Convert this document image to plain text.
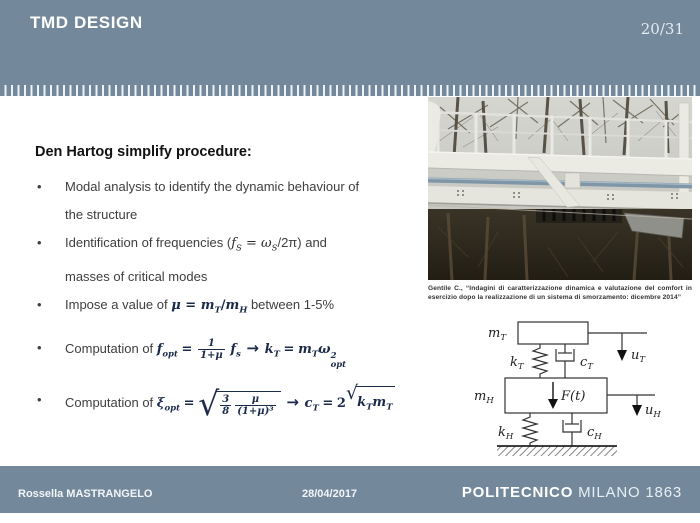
TMD DESIGN	20/31
Den Hartog simplify procedure:
• Modal analysis to identify the dynamic behaviour of the structure
• Identification of frequencies $(f_S = \omega_S/2\pi)$ and masses of critical modes
• Impose a value of $\mu = m_T/m_H$ between 1-5%
• Computation of $f_{opt} = \frac{1}{1+\mu} f_s \to k_T = m_T\omega$ 2
opt
• Computation of $\xi_{opt}$ = √ $\frac{3}{8} \frac{\mu}{\text{(1+μ)³}} \to c_T = 2$ √ $k_Tm_T$
Gentile C., “Indagini di caratterizzazione dinamica e valutazione del comfort in esercizio dopo la realizzazione di un sistema di smorzamento: dicembre 2014”
$m_T$
$u_T$
$k_T$	$c_T$
$m_H$	F(t)
$u_H$
$k_H$	$c_H$
Rossella MASTRANGELO	28/04/2017	POLITECNICO MILANO 1863
